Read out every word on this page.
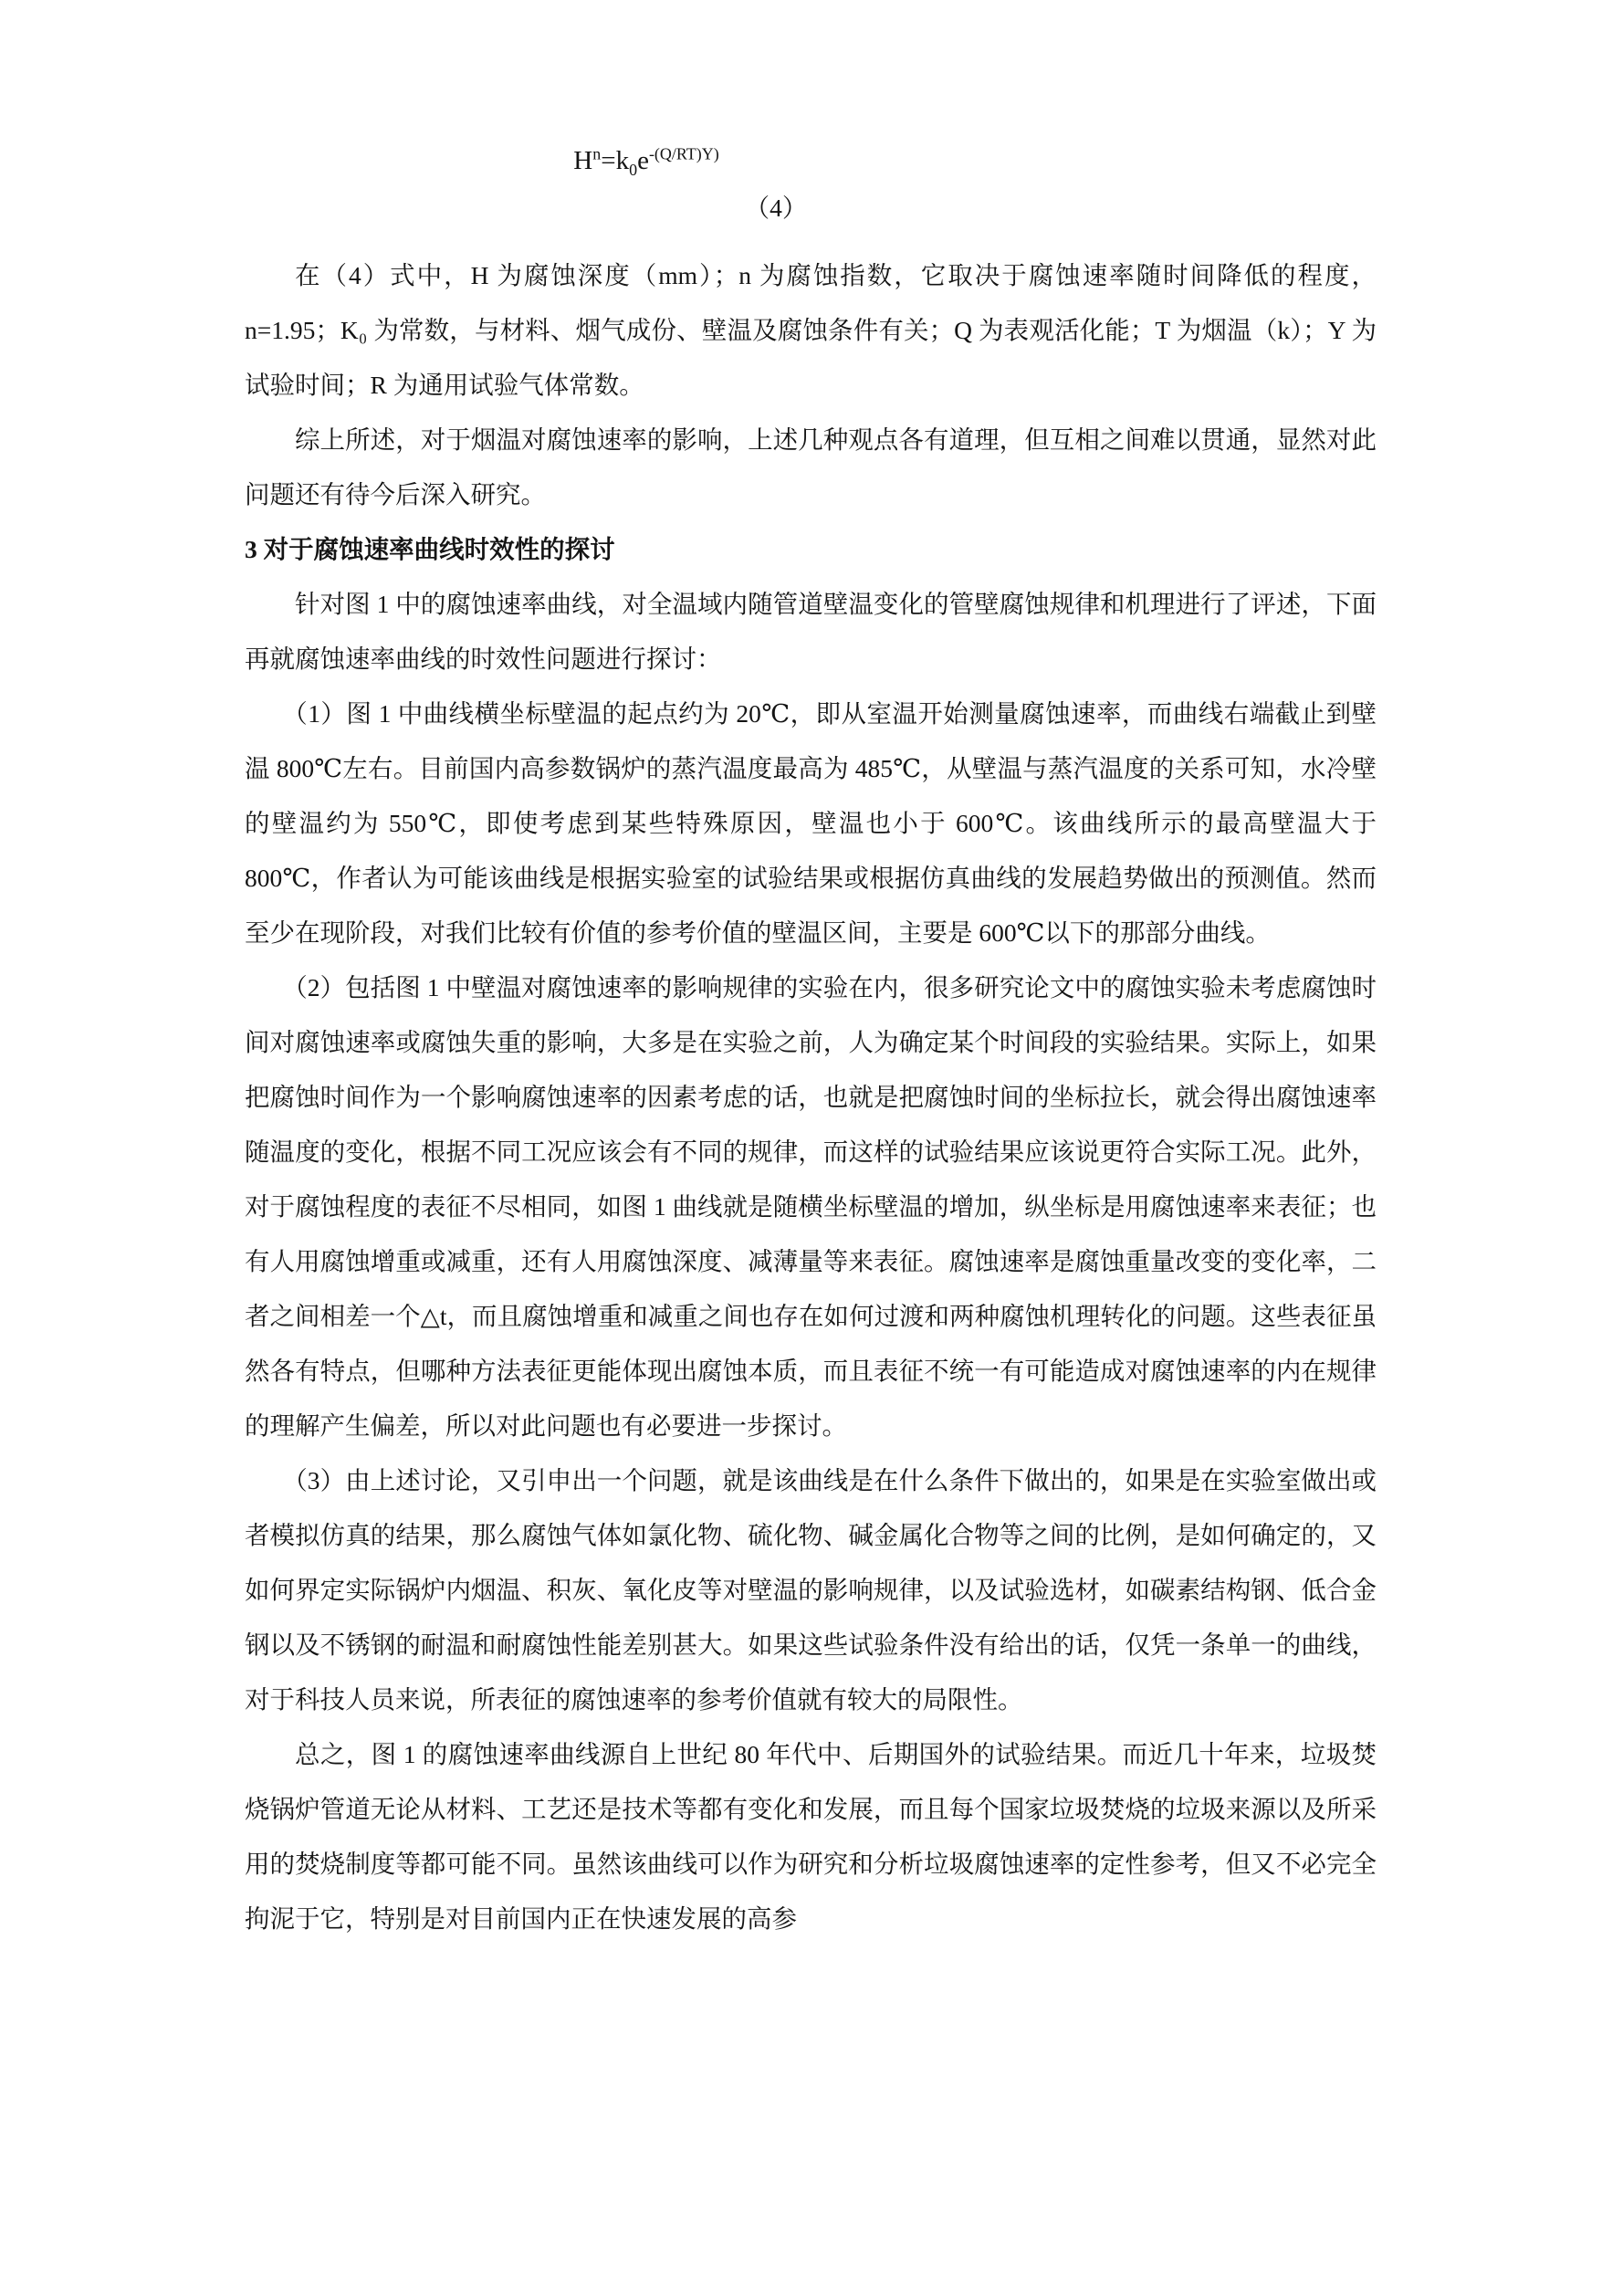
$H^n=k_0e^{-(Q/RT)Y)}$
（4）

在（4）式中，H 为腐蚀深度（mm）；n 为腐蚀指数，它取决于腐蚀速率随时间降低的程度，n=1.95；K₀ 为常数，与材料、烟气成份、壁温及腐蚀条件有关；Q 为表观活化能；T 为烟温（k）；Y 为试验时间；R 为通用试验气体常数。

综上所述，对于烟温对腐蚀速率的影响，上述几种观点各有道理，但互相之间难以贯通，显然对此问题还有待今后深入研究。

3 对于腐蚀速率曲线时效性的探讨

针对图 1 中的腐蚀速率曲线，对全温域内随管道壁温变化的管壁腐蚀规律和机理进行了评述，下面再就腐蚀速率曲线的时效性问题进行探讨：

（1）图 1 中曲线横坐标壁温的起点约为 20℃，即从室温开始测量腐蚀速率，而曲线右端截止到壁温 800℃左右。目前国内高参数锅炉的蒸汽温度最高为 485℃，从壁温与蒸汽温度的关系可知，水冷壁的壁温约为 550℃，即使考虑到某些特殊原因，壁温也小于 600℃。该曲线所示的最高壁温大于 800℃，作者认为可能该曲线是根据实验室的试验结果或根据仿真曲线的发展趋势做出的预测值。然而至少在现阶段，对我们比较有价值的参考价值的壁温区间，主要是 600℃以下的那部分曲线。

（2）包括图 1 中壁温对腐蚀速率的影响规律的实验在内，很多研究论文中的腐蚀实验未考虑腐蚀时间对腐蚀速率或腐蚀失重的影响，大多是在实验之前，人为确定某个时间段的实验结果。实际上，如果把腐蚀时间作为一个影响腐蚀速率的因素考虑的话，也就是把腐蚀时间的坐标拉长，就会得出腐蚀速率随温度的变化，根据不同工况应该会有不同的规律，而这样的试验结果应该说更符合实际工况。此外，对于腐蚀程度的表征不尽相同，如图 1 曲线就是随横坐标壁温的增加，纵坐标是用腐蚀速率来表征；也有人用腐蚀增重或减重，还有人用腐蚀深度、减薄量等来表征。腐蚀速率是腐蚀重量改变的变化率，二者之间相差一个△t，而且腐蚀增重和减重之间也存在如何过渡和两种腐蚀机理转化的问题。这些表征虽然各有特点，但哪种方法表征更能体现出腐蚀本质，而且表征不统一有可能造成对腐蚀速率的内在规律的理解产生偏差，所以对此问题也有必要进一步探讨。

（3）由上述讨论，又引申出一个问题，就是该曲线是在什么条件下做出的，如果是在实验室做出或者模拟仿真的结果，那么腐蚀气体如氯化物、硫化物、碱金属化合物等之间的比例，是如何确定的，又如何界定实际锅炉内烟温、积灰、氧化皮等对壁温的影响规律，以及试验选材，如碳素结构钢、低合金钢以及不锈钢的耐温和耐腐蚀性能差别甚大。如果这些试验条件没有给出的话，仅凭一条单一的曲线，对于科技人员来说，所表征的腐蚀速率的参考价值就有较大的局限性。

总之，图 1 的腐蚀速率曲线源自上世纪 80 年代中、后期国外的试验结果。而近几十年来，垃圾焚烧锅炉管道无论从材料、工艺还是技术等都有变化和发展，而且每个国家垃圾焚烧的垃圾来源以及所采用的焚烧制度等都可能不同。虽然该曲线可以作为研究和分析垃圾腐蚀速率的定性参考，但又不必完全拘泥于它，特别是对目前国内正在快速发展的高参
